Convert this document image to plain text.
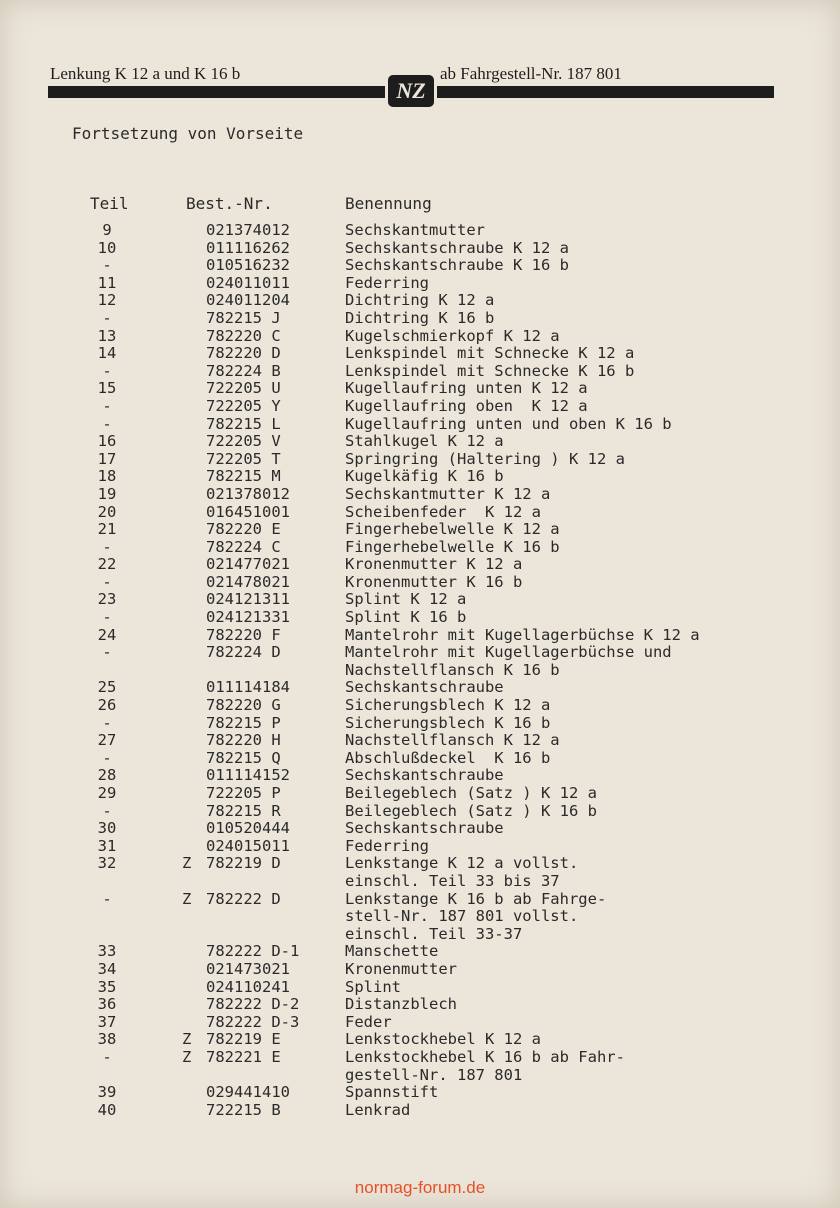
Lenkung K 12 a und K 16 b
NZ
ab Fahrgestell-Nr. 187 801
Fortsetzung von Vorseite
Teil	Best.-Nr.	Benennung
9	021374012	Sechskantmutter
10	011116262	Sechskantschraube K 12 a
-	010516232	Sechskantschraube K 16 b
11	024011011	Federring
12	024011204	Dichtring K 12 a
-	782215 J	Dichtring K 16 b
13	782220 C	Kugelschmierkopf K 12 a
14	782220 D	Lenkspindel mit Schnecke K 12 a
-	782224 B	Lenkspindel mit Schnecke K 16 b
15	722205 U	Kugellaufring unten K 12 a
-	722205 Y	Kugellaufring oben  K 12 a
-	782215 L	Kugellaufring unten und oben K 16 b
16	722205 V	Stahlkugel K 12 a
17	722205 T	Springring (Haltering ) K 12 a
18	782215 M	Kugelkäfig K 16 b
19	021378012	Sechskantmutter K 12 a
20	016451001	Scheibenfeder  K 12 a
21	782220 E	Fingerhebelwelle K 12 a
-	782224 C	Fingerhebelwelle K 16 b
22	021477021	Kronenmutter K 12 a
-	021478021	Kronenmutter K 16 b
23	024121311	Splint K 12 a
-	024121331	Splint K 16 b
24	782220 F	Mantelrohr mit Kugellagerbüchse K 12 a
-	782224 D	Mantelrohr mit Kugellagerbüchse und
Nachstellflansch K 16 b
25	011114184	Sechskantschraube
26	782220 G	Sicherungsblech K 12 a
-	782215 P	Sicherungsblech K 16 b
27	782220 H	Nachstellflansch K 12 a
-	782215 Q	Abschlußdeckel  K 16 b
28	011114152	Sechskantschraube
29	722205 P	Beilegeblech (Satz ) K 12 a
-	782215 R	Beilegeblech (Satz ) K 16 b
30	010520444	Sechskantschraube
31	024015011	Federring
32	Z 782219 D	Lenkstange K 12 a vollst.
einschl. Teil 33 bis 37
-	Z 782222 D	Lenkstange K 16 b ab Fahrge-
stell-Nr. 187 801 vollst.
einschl. Teil 33-37
33	782222 D-1	Manschette
34	021473021	Kronenmutter
35	024110241	Splint
36	782222 D-2	Distanzblech
37	782222 D-3	Feder
38	Z 782219 E	Lenkstockhebel K 12 a
-	Z 782221 E	Lenkstockhebel K 16 b ab Fahr-
gestell-Nr. 187 801
39	029441410	Spannstift
40	722215 B	Lenkrad
normag-forum.de
